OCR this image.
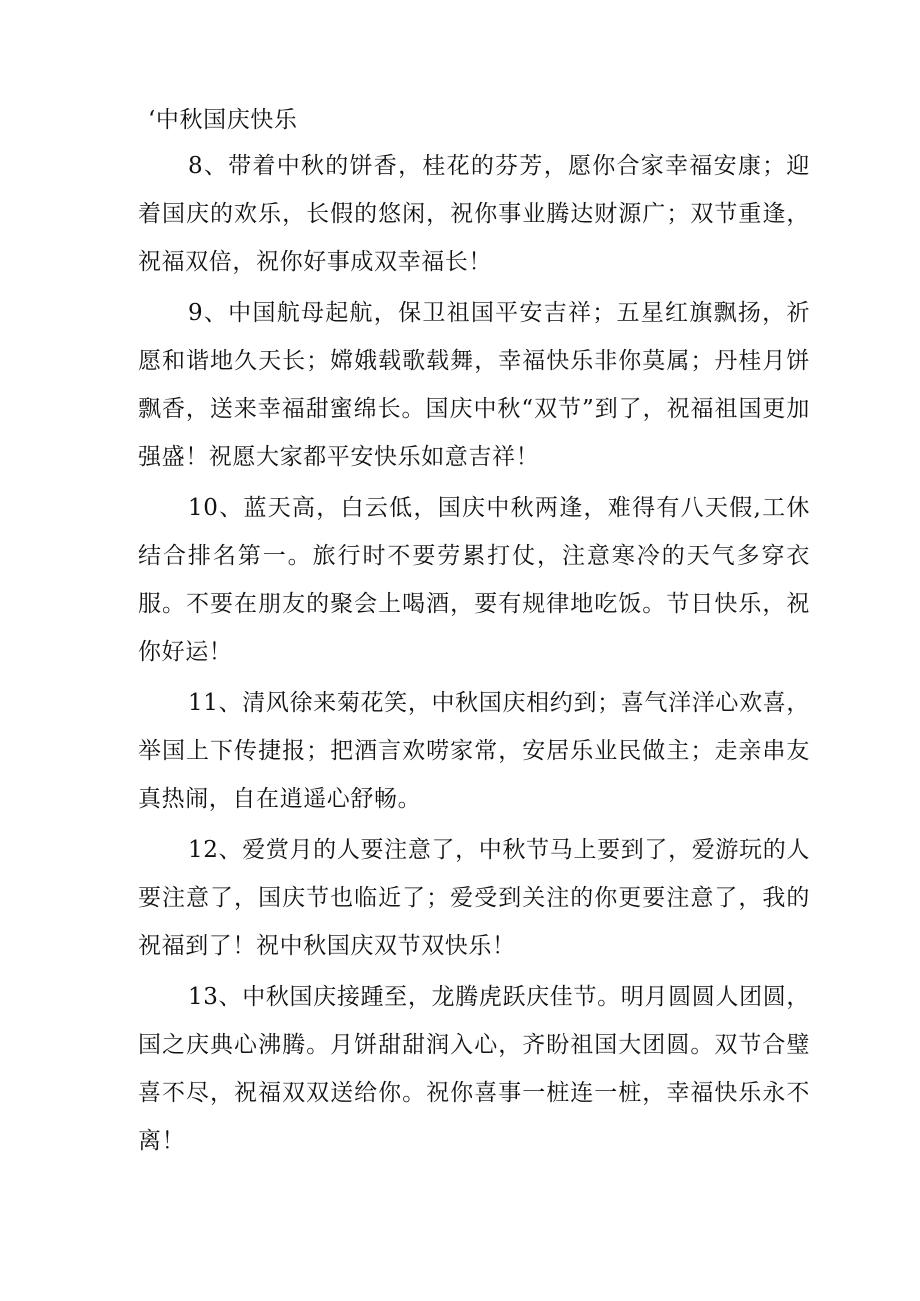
‘中秋国庆快乐

8、带着中秋的饼香，桂花的芬芳，愿你合家幸福安康；迎着国庆的欢乐，长假的悠闲，祝你事业腾达财源广；双节重逢，祝福双倍，祝你好事成双幸福长！

9、中国航母起航，保卫祖国平安吉祥；五星红旗飘扬，祈愿和谐地久天长；嫦娥载歌载舞，幸福快乐非你莫属；丹桂月饼飘香，送来幸福甜蜜绵长。国庆中秋“双节”到了，祝福祖国更加强盛！祝愿大家都平安快乐如意吉祥！

10、蓝天高，白云低，国庆中秋两逢，难得有八天假,工休结合排名第一。旅行时不要劳累打仗，注意寒冷的天气多穿衣服。不要在朋友的聚会上喝酒，要有规律地吃饭。节日快乐，祝你好运！

11、清风徐来菊花笑，中秋国庆相约到；喜气洋洋心欢喜，举国上下传捷报；把酒言欢唠家常，安居乐业民做主；走亲串友真热闹，自在逍遥心舒畅。

12、爱赏月的人要注意了，中秋节马上要到了，爱游玩的人要注意了，国庆节也临近了；爱受到关注的你更要注意了，我的祝福到了！祝中秋国庆双节双快乐！

13、中秋国庆接踵至，龙腾虎跃庆佳节。明月圆圆人团圆，国之庆典心沸腾。月饼甜甜润入心，齐盼祖国大团圆。双节合璧喜不尽，祝福双双送给你。祝你喜事一桩连一桩，幸福快乐永不离！
